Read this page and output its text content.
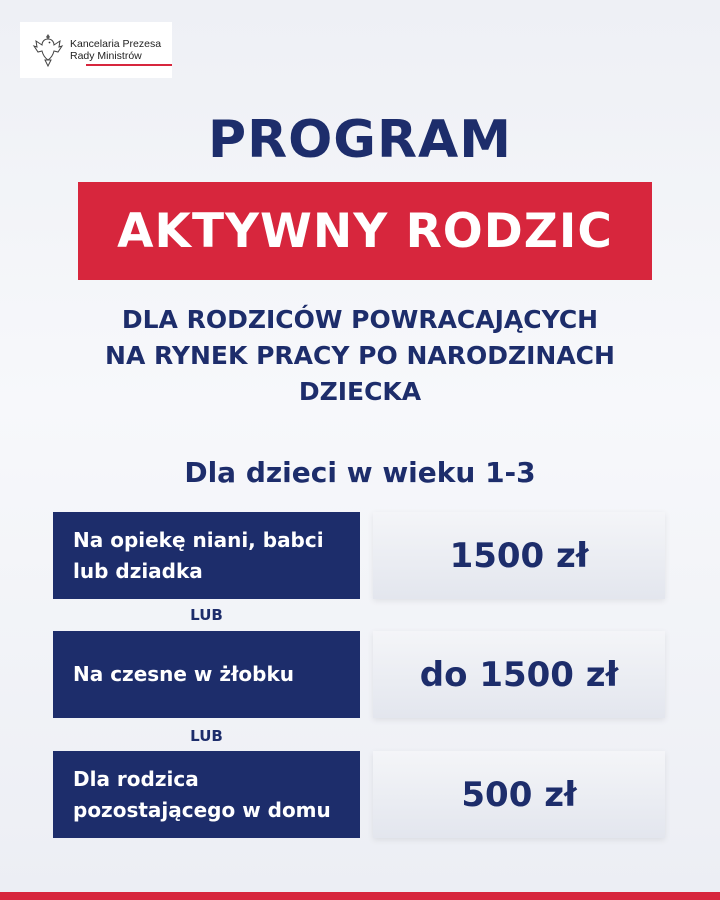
Kancelaria Prezesa
Rady Ministrów
PROGRAM
AKTYWNY RODZIC
DLA RODZICÓW POWRACAJĄCYCH
NA RYNEK PRACY PO NARODZINACH
DZIECKA
Dla dzieci w wieku 1-3
Na opiekę niani, babci
lub dziadka	1500 zł
LUB
Na czesne w żłobku	do 1500 zł
LUB
Dla rodzica
pozostającego w domu	500 zł
